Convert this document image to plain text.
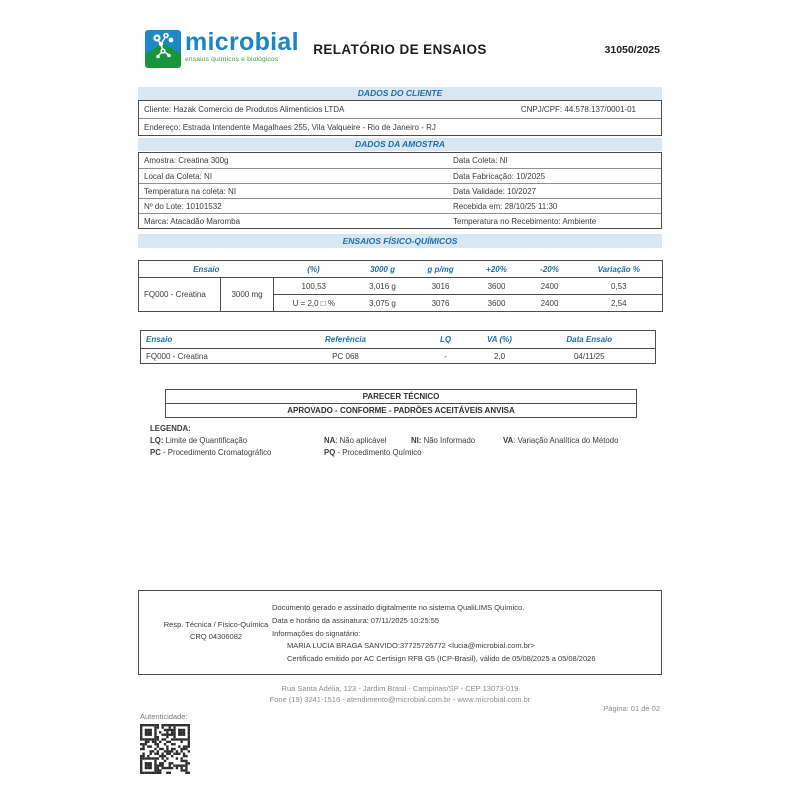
microbial
ensaios químicos e biológicos
RELATÓRIO DE ENSAIOS	31050/2025
DADOS DO CLIENTE
Cliente: Hazak Comercio de Produtos Alimenticios LTDA	CNPJ/CPF: 44.578.137/0001-01
Endereço: Estrada Intendente Magalhaes 255, Vila Valqueire - Rio de Janeiro - RJ
DADOS DA AMOSTRA
Amostra: Creatina 300g	Data Coleta: NI
Local da Coleta: NI	Data Fabricação: 10/2025
Temperatura na coleta: NI	Data Validade: 10/2027
Nº do Lote: 10101532	Recebida em: 28/10/25 11:30
Marca: Atacadão Maromba	Temperatura no Recebimento: Ambiente
ENSAIOS FÍSICO-QUÍMICOS
Ensaio		(%)	3000 g	g p/mg	+20%	-20%	Variação %
FQ000 - Creatina	3000 mg	100,53	3,016 g	3016	3600	2400	0,53
		U = 2,0 □ %	3,075 g	3076	3600	2400	2,54
Ensaio	Referência	LQ	VA (%)	Data Ensaio
FQ000 - Creatina	PC 068	-	2,0	04/11/25
PARECER TÉCNICO
APROVADO - CONFORME - PADRÕES ACEITÁVEIS ANVISA
LEGENDA:
LQ: Limite de Quantificação	NA: Não aplicável	NI: Não Informado	VA: Variação Analítica do Método
PC - Procedimento Cromatográfico	PQ - Procedimento Químico
Resp. Técnica / Físico-Química
CRQ 04306082
Documento gerado e assinado digitalmente no sistema QualiLIMS Químico.
Data e horário da assinatura: 07/11/2025 10:25:55
Informações do signatário:
MARIA LUCIA BRAGA SANVIDO:37725726772 <lucia@microbial.com.br>
Certificado emitido por AC Certisign RFB G5 (ICP-Brasil), válido de 05/08/2025 a 05/08/2026
Rua Santa Adélia, 123 - Jardim Brasil - Campinas/SP - CEP 13073-019
Fone (19) 3241-1516 - atendimento@microbial.com.br - www.microbial.com.br
Página: 01 de 02
Autenticidade:
